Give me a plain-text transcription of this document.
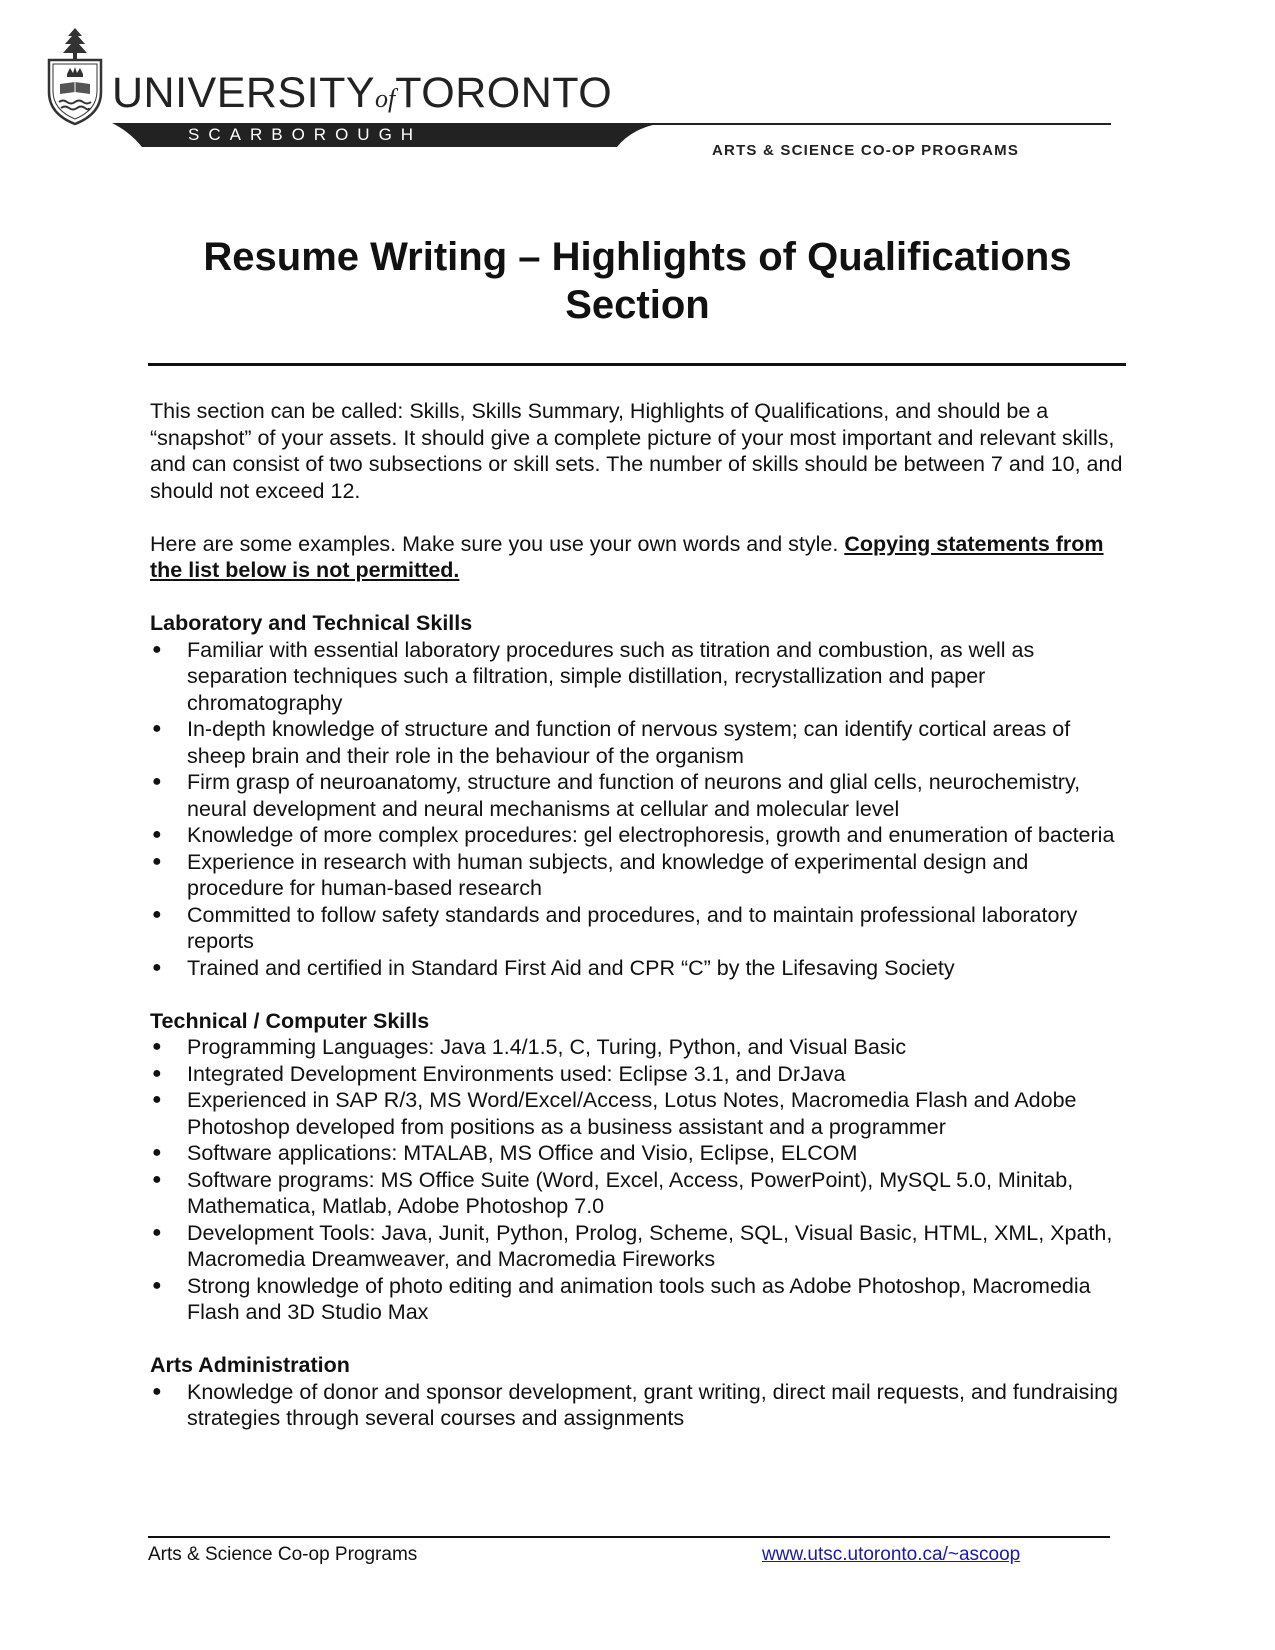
UNIVERSITYofTORONTO
SCARBOROUGH
ARTS & SCIENCE CO-OP PROGRAMS
Resume Writing – Highlights of Qualifications
Section

This section can be called: Skills, Skills Summary, Highlights of Qualifications, and should be a “snapshot” of your assets. It should give a complete picture of your most important and relevant skills, and can consist of two subsections or skill sets. The number of skills should be between 7 and 10, and should not exceed 12.

Here are some examples. Make sure you use your own words and style. Copying statements from the list below is not permitted.

Laboratory and Technical Skills
● Familiar with essential laboratory procedures such as titration and combustion, as well as separation techniques such a filtration, simple distillation, recrystallization and paper chromatography
● In-depth knowledge of structure and function of nervous system; can identify cortical areas of sheep brain and their role in the behaviour of the organism
● Firm grasp of neuroanatomy, structure and function of neurons and glial cells, neurochemistry, neural development and neural mechanisms at cellular and molecular level
● Knowledge of more complex procedures: gel electrophoresis, growth and enumeration of bacteria
● Experience in research with human subjects, and knowledge of experimental design and procedure for human-based research
● Committed to follow safety standards and procedures, and to maintain professional laboratory reports
● Trained and certified in Standard First Aid and CPR “C” by the Lifesaving Society
Technical / Computer Skills
● Programming Languages: Java 1.4/1.5, C, Turing, Python, and Visual Basic
● Integrated Development Environments used: Eclipse 3.1, and DrJava
● Experienced in SAP R/3, MS Word/Excel/Access, Lotus Notes, Macromedia Flash and Adobe Photoshop developed from positions as a business assistant and a programmer
● Software applications: MTALAB, MS Office and Visio, Eclipse, ELCOM
● Software programs: MS Office Suite (Word, Excel, Access, PowerPoint), MySQL 5.0, Minitab, Mathematica, Matlab, Adobe Photoshop 7.0
● Development Tools: Java, Junit, Python, Prolog, Scheme, SQL, Visual Basic, HTML, XML, Xpath, Macromedia Dreamweaver, and Macromedia Fireworks
● Strong knowledge of photo editing and animation tools such as Adobe Photoshop, Macromedia Flash and 3D Studio Max
Arts Administration
● Knowledge of donor and sponsor development, grant writing, direct mail requests, and fundraising strategies through several courses and assignments
Arts & Science Co-op Programs	www.utsc.utoronto.ca/~ascoop
